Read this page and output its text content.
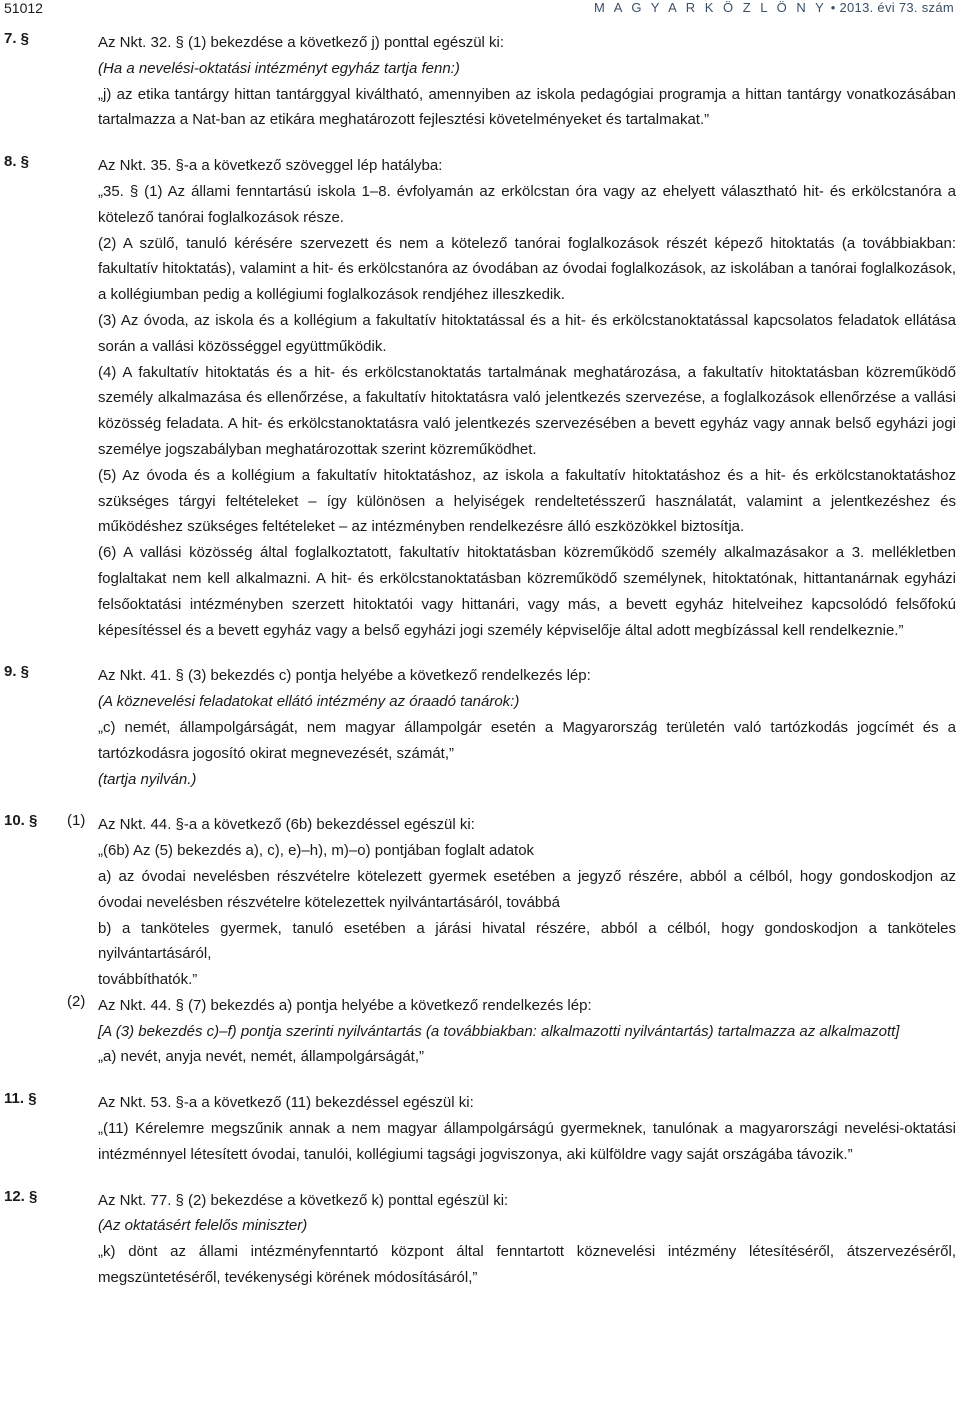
51012	M A G Y A R K Ö Z L Ö N Y • 2013. évi 73. szám
7. §	Az Nkt. 32. § (1) bekezdése a következő j) ponttal egészül ki:

(Ha a nevelési-oktatási intézményt egyház tartja fenn:)

„j) az etika tantárgy hittan tantárggyal kiváltható, amennyiben az iskola pedagógiai programja a hittan tantárgy vonatkozásában tartalmazza a Nat-ban az etikára meghatározott fejlesztési követelményeket és tartalmakat.”

8. §	Az Nkt. 35. §-a a következő szöveggel lép hatályba:

„35. § (1) Az állami fenntartású iskola 1–8. évfolyamán az erkölcstan óra vagy az ehelyett választható hit- és erkölcstanóra a kötelező tanórai foglalkozások része.

(2) A szülő, tanuló kérésére szervezett és nem a kötelező tanórai foglalkozások részét képező hitoktatás (a továbbiakban: fakultatív hitoktatás), valamint a hit- és erkölcstanóra az óvodában az óvodai foglalkozások, az iskolában a tanórai foglalkozások, a kollégiumban pedig a kollégiumi foglalkozások rendjéhez illeszkedik.

(3) Az óvoda, az iskola és a kollégium a fakultatív hitoktatással és a hit- és erkölcstanoktatással kapcsolatos feladatok ellátása során a vallási közösséggel együttműködik.

(4) A fakultatív hitoktatás és a hit- és erkölcstanoktatás tartalmának meghatározása, a fakultatív hitoktatásban közreműködő személy alkalmazása és ellenőrzése, a fakultatív hitoktatásra való jelentkezés szervezése, a foglalkozások ellenőrzése a vallási közösség feladata. A hit- és erkölcstanoktatásra való jelentkezés szervezésében a bevett egyház vagy annak belső egyházi jogi személye jogszabályban meghatározottak szerint közreműködhet.

(5) Az óvoda és a kollégium a fakultatív hitoktatáshoz, az iskola a fakultatív hitoktatáshoz és a hit- és erkölcstanoktatáshoz szükséges tárgyi feltételeket – így különösen a helyiségek rendeltetésszerű használatát, valamint a jelentkezéshez és működéshez szükséges feltételeket – az intézményben rendelkezésre álló eszközökkel biztosítja.

(6) A vallási közösség által foglalkoztatott, fakultatív hitoktatásban közreműködő személy alkalmazásakor a 3. mellékletben foglaltakat nem kell alkalmazni. A hit- és erkölcstanoktatásban közreműködő személynek, hitoktatónak, hittantanárnak egyházi felsőoktatási intézményben szerzett hitoktatói vagy hittanári, vagy más, a bevett egyház hitelveihez kapcsolódó felsőfokú képesítéssel és a bevett egyház vagy a belső egyházi jogi személy képviselője által adott megbízással kell rendelkeznie.”

9. §	Az Nkt. 41. § (3) bekezdés c) pontja helyébe a következő rendelkezés lép:

(A köznevelési feladatokat ellátó intézmény az óraadó tanárok:)

„c) nemét, állampolgárságát, nem magyar állampolgár esetén a Magyarország területén való tartózkodás jogcímét és a tartózkodásra jogosító okirat megnevezését, számát,”

(tartja nyilván.)

10. § (1) Az Nkt. 44. §-a a következő (6b) bekezdéssel egészül ki:

„(6b) Az (5) bekezdés a), c), e)–h), m)–o) pontjában foglalt adatok

a) az óvodai nevelésben részvételre kötelezett gyermek esetében a jegyző részére, abból a célból, hogy gondoskodjon az óvodai nevelésben részvételre kötelezettek nyilvántartásáról, továbbá

b) a tanköteles gyermek, tanuló esetében a járási hivatal részére, abból a célból, hogy gondoskodjon a tanköteles nyilvántartásáról,

továbbíthatók.”

(2) Az Nkt. 44. § (7) bekezdés a) pontja helyébe a következő rendelkezés lép:

[A (3) bekezdés c)–f) pontja szerinti nyilvántartás (a továbbiakban: alkalmazotti nyilvántartás) tartalmazza az alkalmazott]

„a) nevét, anyja nevét, nemét, állampolgárságát,”

11. §	Az Nkt. 53. §-a a következő (11) bekezdéssel egészül ki:

„(11) Kérelemre megszűnik annak a nem magyar állampolgárságú gyermeknek, tanulónak a magyarországi nevelési-oktatási intézménnyel létesített óvodai, tanulói, kollégiumi tagsági jogviszonya, aki külföldre vagy saját országába távozik.”

12. §	Az Nkt. 77. § (2) bekezdése a következő k) ponttal egészül ki:

(Az oktatásért felelős miniszter)

„k) dönt az állami intézményfenntartó központ által fenntartott köznevelési intézmény létesítéséről, átszervezéséről, megszüntetéséről, tevékenységi körének módosításáról,”
